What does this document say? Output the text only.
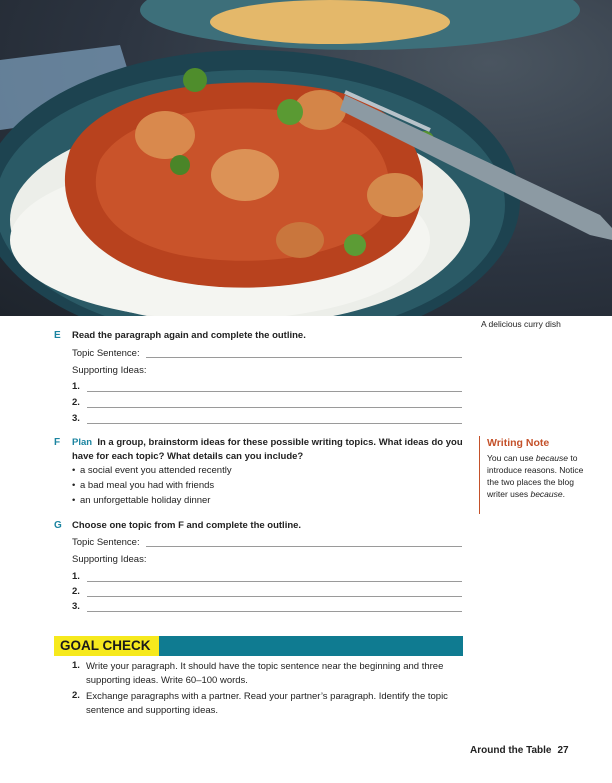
A delicious curry dish
E Read the paragraph again and complete the outline.
Topic Sentence:
Supporting Ideas:
1.
2.
3.
F Plan In a group, brainstorm ideas for these possible writing topics. What ideas do you have for each topic? What details can you include?
• a social event you attended recently
• a bad meal you had with friends
• an unforgettable holiday dinner
Writing Note
You can use because to introduce reasons. Notice the two places the blog writer uses because.
G Choose one topic from F and complete the outline.
Topic Sentence:
Supporting Ideas:
1.
2.
3.
GOAL CHECK
1. Write your paragraph. It should have the topic sentence near the beginning and three supporting ideas. Write 60–100 words.
2. Exchange paragraphs with a partner. Read your partner’s paragraph. Identify the topic sentence and supporting ideas.
Around the Table 27
